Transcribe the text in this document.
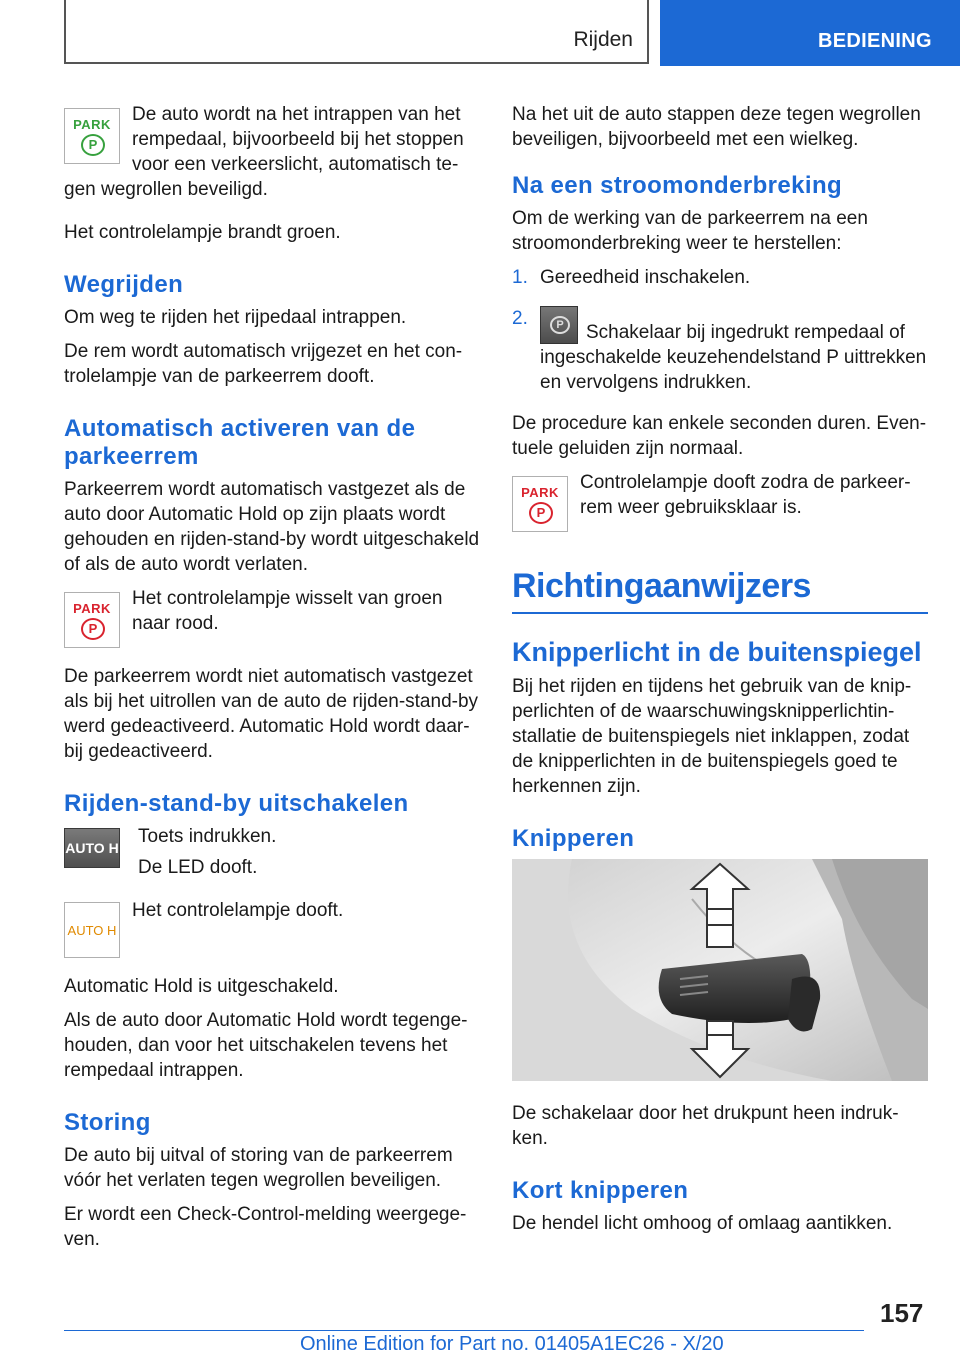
Rijden	BEDIENING
PARK
P

De auto wordt na het intrappen van het rempedaal, bijvoorbeeld bij het stoppen voor een verkeerslicht, automatisch tegen wegrollen beveiligd.

Het controlelampje brandt groen.

Wegrijden

Om weg te rijden het rijpedaal intrappen.

De rem wordt automatisch vrijgezet en het controlelampje van de parkeerrem dooft.

Automatisch activeren van de parkeerrem

Parkeerrem wordt automatisch vastgezet als de auto door Automatic Hold op zijn plaats wordt gehouden en rijden-stand-by wordt uitgeschakeld of als de auto wordt verlaten.

PARK
P

Het controlelampje wisselt van groen naar rood.

De parkeerrem wordt niet automatisch vastgezet als bij het uitrollen van de auto de rijden-stand-by werd gedeactiveerd. Automatic Hold wordt daarbij gedeactiveerd.

Rijden-stand-by uitschakelen
AUTO H

Toets indrukken.

De LED dooft.

AUTO H

Het controlelampje dooft.

Automatic Hold is uitgeschakeld.

Als de auto door Automatic Hold wordt tegengehouden, dan voor het uitschakelen tevens het rempedaal intrappen.

Storing

De auto bij uitval of storing van de parkeerrem vóór het verlaten tegen wegrollen beveiligen.

Er wordt een Check-Control-melding weergegeven.

Na het uit de auto stappen deze tegen wegrollen beveiligen, bijvoorbeeld met een wielkeg.

Na een stroomonderbreking

Om de werking van de parkeerrem na een stroomonderbreking weer te herstellen:

1. Gereedheid inschakelen.
2.	P	Schakelaar bij ingedrukt rempedaal of ingeschakelde keuzehendelstand P uittrekken en vervolgens indrukken.

De procedure kan enkele seconden duren. Eventuele geluiden zijn normaal.

PARK
P

Controlelampje dooft zodra de parkeerrem weer gebruiksklaar is.

Richtingaanwijzers
Knipperlicht in de buitenspiegel

Bij het rijden en tijdens het gebruik van de knipperlichten of de waarschuwingsknipperlichtinstallatie de buitenspiegels niet inklappen, zodat de knipperlichten in de buitenspiegels goed te herkennen zijn.

Knipperen

De schakelaar door het drukpunt heen indrukken.

Kort knipperen

De hendel licht omhoog of omlaag aantikken.

157
Online Edition for Part no. 01405A1EC26 - X/20
